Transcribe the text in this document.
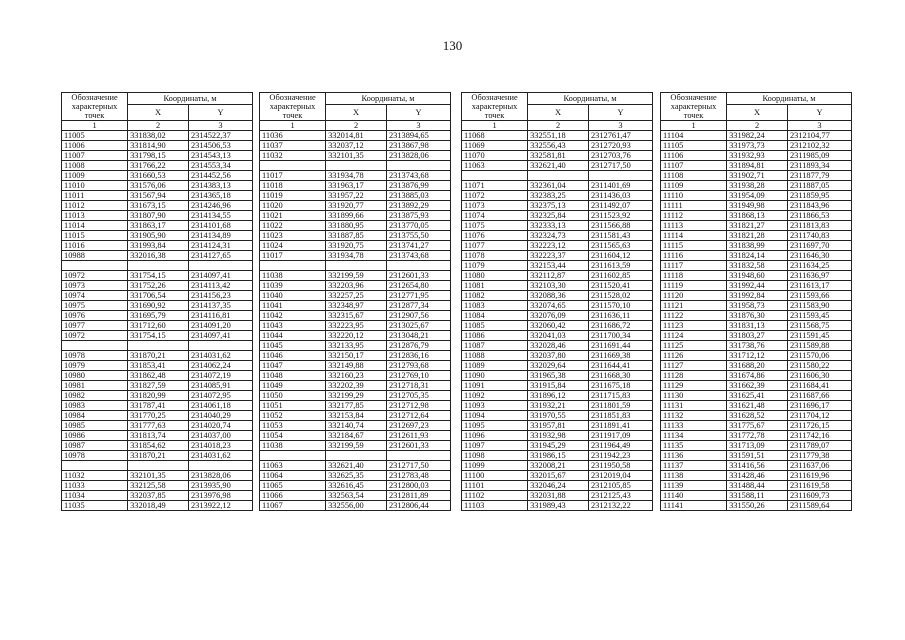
130
Обозначение характерных точек	Координаты, м	
	X	Y
1	2	3
11005	331838,02	2314522,37
11006	331814,90	2314506,53
11007	331798,15	2314543,13
11008	331766,22	2314553,34
11009	331660,53	2314452,56
11010	331576,06	2314383,13
11011	331567,94	2314365,18
11012	331673,15	2314246,96
11013	331807,90	2314134,55
11014	331863,17	2314101,68
11015	331905,90	2314134,89
11016	331993,84	2314124,31
10988	332016,38	2314127,65

10972	331754,15	2314097,41
10973	331752,26	2314113,42
10974	331706,54	2314156,23
10975	331690,92	2314137,35
10976	331695,79	2314116,81
10977	331712,60	2314091,20
10972	331754,15	2314097,41

10978	331870,21	2314031,62
10979	331853,41	2314062,24
10980	331862,48	2314072,19
10981	331827,59	2314085,91
10982	331820,99	2314072,95
10983	331787,41	2314061,18
10984	331770,25	2314040,29
10985	331777,63	2314020,74
10986	331813,74	2314037,00
10987	331854,62	2314018,23
10978	331870,21	2314031,62

11032	332101,35	2313828,06
11033	332125,58	2313935,90
11034	332037,85	2313976,98
11035	332018,49	2313922,12
Обозначение характерных точек	Координаты, м	
	X	Y
1	2	3
11036	332014,81	2313894,65
11037	332037,12	2313867,98
11032	332101,35	2313828,06

11017	331934,78	2313743,68
11018	331963,17	2313876,99
11019	331957,22	2313885,03
11020	331920,77	2313892,29
11021	331899,66	2313875,93
11022	331880,95	2313770,05
11023	331887,85	2313755,50
11024	331920,75	2313741,27
11017	331934,78	2313743,68

11038	332199,59	2312601,33
11039	332203,96	2312654,80
11040	332257,25	2312771,95
11041	332348,97	2312877,34
11042	332315,67	2312907,56
11043	332223,95	2313025,67
11044	332220,12	2313048,21
11045	332133,95	2312876,79
11046	332150,17	2312836,16
11047	332149,88	2312793,68
11048	332160,23	2312769,10
11049	332202,39	2312718,31
11050	332199,29	2312705,35
11051	332177,85	2312712,98
11052	332153,84	2312712,64
11053	332140,74	2312697,23
11054	332184,67	2312611,93
11038	332199,59	2312601,33

11063	332621,40	2312717,50
11064	332625,35	2312783,48
11065	332616,45	2312800,03
11066	332563,54	2312811,89
11067	332556,00	2312806,44
Обозначение характерных точек	Координаты, м	
	X	Y
1	2	3
11068	332551,18	2312761,47
11069	332556,43	2312720,93
11070	332581,81	2312703,76
11063	332621,40	2312717,50

11071	332361,04	2311401,69
11072	332383,25	2311436,03
11073	332375,13	2311492,07
11074	332325,84	2311523,92
11075	332333,13	2311566,88
11076	332324,73	2311581,43
11077	332223,12	2311565,63
11078	332223,37	2311604,12
11079	332153,44	2311613,59
11080	332112,87	2311602,85
11081	332103,30	2311520,41
11082	332088,36	2311528,02
11083	332074,65	2311570,10
11084	332076,09	2311636,11
11085	332060,42	2311686,72
11086	332041,03	2311700,34
11087	332028,46	2311691,44
11088	332037,80	2311669,38
11089	332029,64	2311644,41
11090	331965,38	2311668,30
11091	331915,84	2311675,18
11092	331896,12	2311715,83
11093	331932,21	2311801,59
11094	331970,55	2311851,83
11095	331957,81	2311891,41
11096	331932,98	2311917,09
11097	331945,29	2311964,49
11098	331986,15	2311942,23
11099	332008,21	2311950,58
11100	332015,67	2312019,04
11101	332046,24	2312105,85
11102	332031,88	2312125,43
11103	331989,43	2312132,22
Обозначение характерных точек	Координаты, м	
	X	Y
1	2	3
11104	331982,24	2312104,77
11105	331973,73	2312102,32
11106	331932,93	2311985,09
11107	331894,81	2311893,34
11108	331902,71	2311877,79
11109	331938,28	2311887,05
11110	331954,09	2311859,95
11111	331949,98	2311843,96
11112	331868,13	2311866,53
11113	331821,27	2311813,83
11114	331821,28	2311740,83
11115	331838,99	2311697,70
11116	331824,14	2311646,30
11117	331832,58	2311634,25
11118	331948,60	2311636,97
11119	331992,44	2311613,17
11120	331992,84	2311593,66
11121	331958,73	2311583,90
11122	331876,30	2311593,45
11123	331831,13	2311568,75
11124	331803,27	2311591,45
11125	331738,76	2311589,88
11126	331712,12	2311570,06
11127	331688,20	2311580,22
11128	331674,86	2311606,30
11129	331662,39	2311684,41
11130	331625,41	2311687,66
11131	331621,48	2311696,17
11132	331628,52	2311704,12
11133	331775,67	2311726,15
11134	331772,78	2311742,16
11135	331713,09	2311789,07
11136	331591,51	2311779,38
11137	331416,56	2311637,06
11138	331428,46	2311619,96
11139	331488,44	2311619,58
11140	331588,11	2311609,73
11141	331550,26	2311589,64
